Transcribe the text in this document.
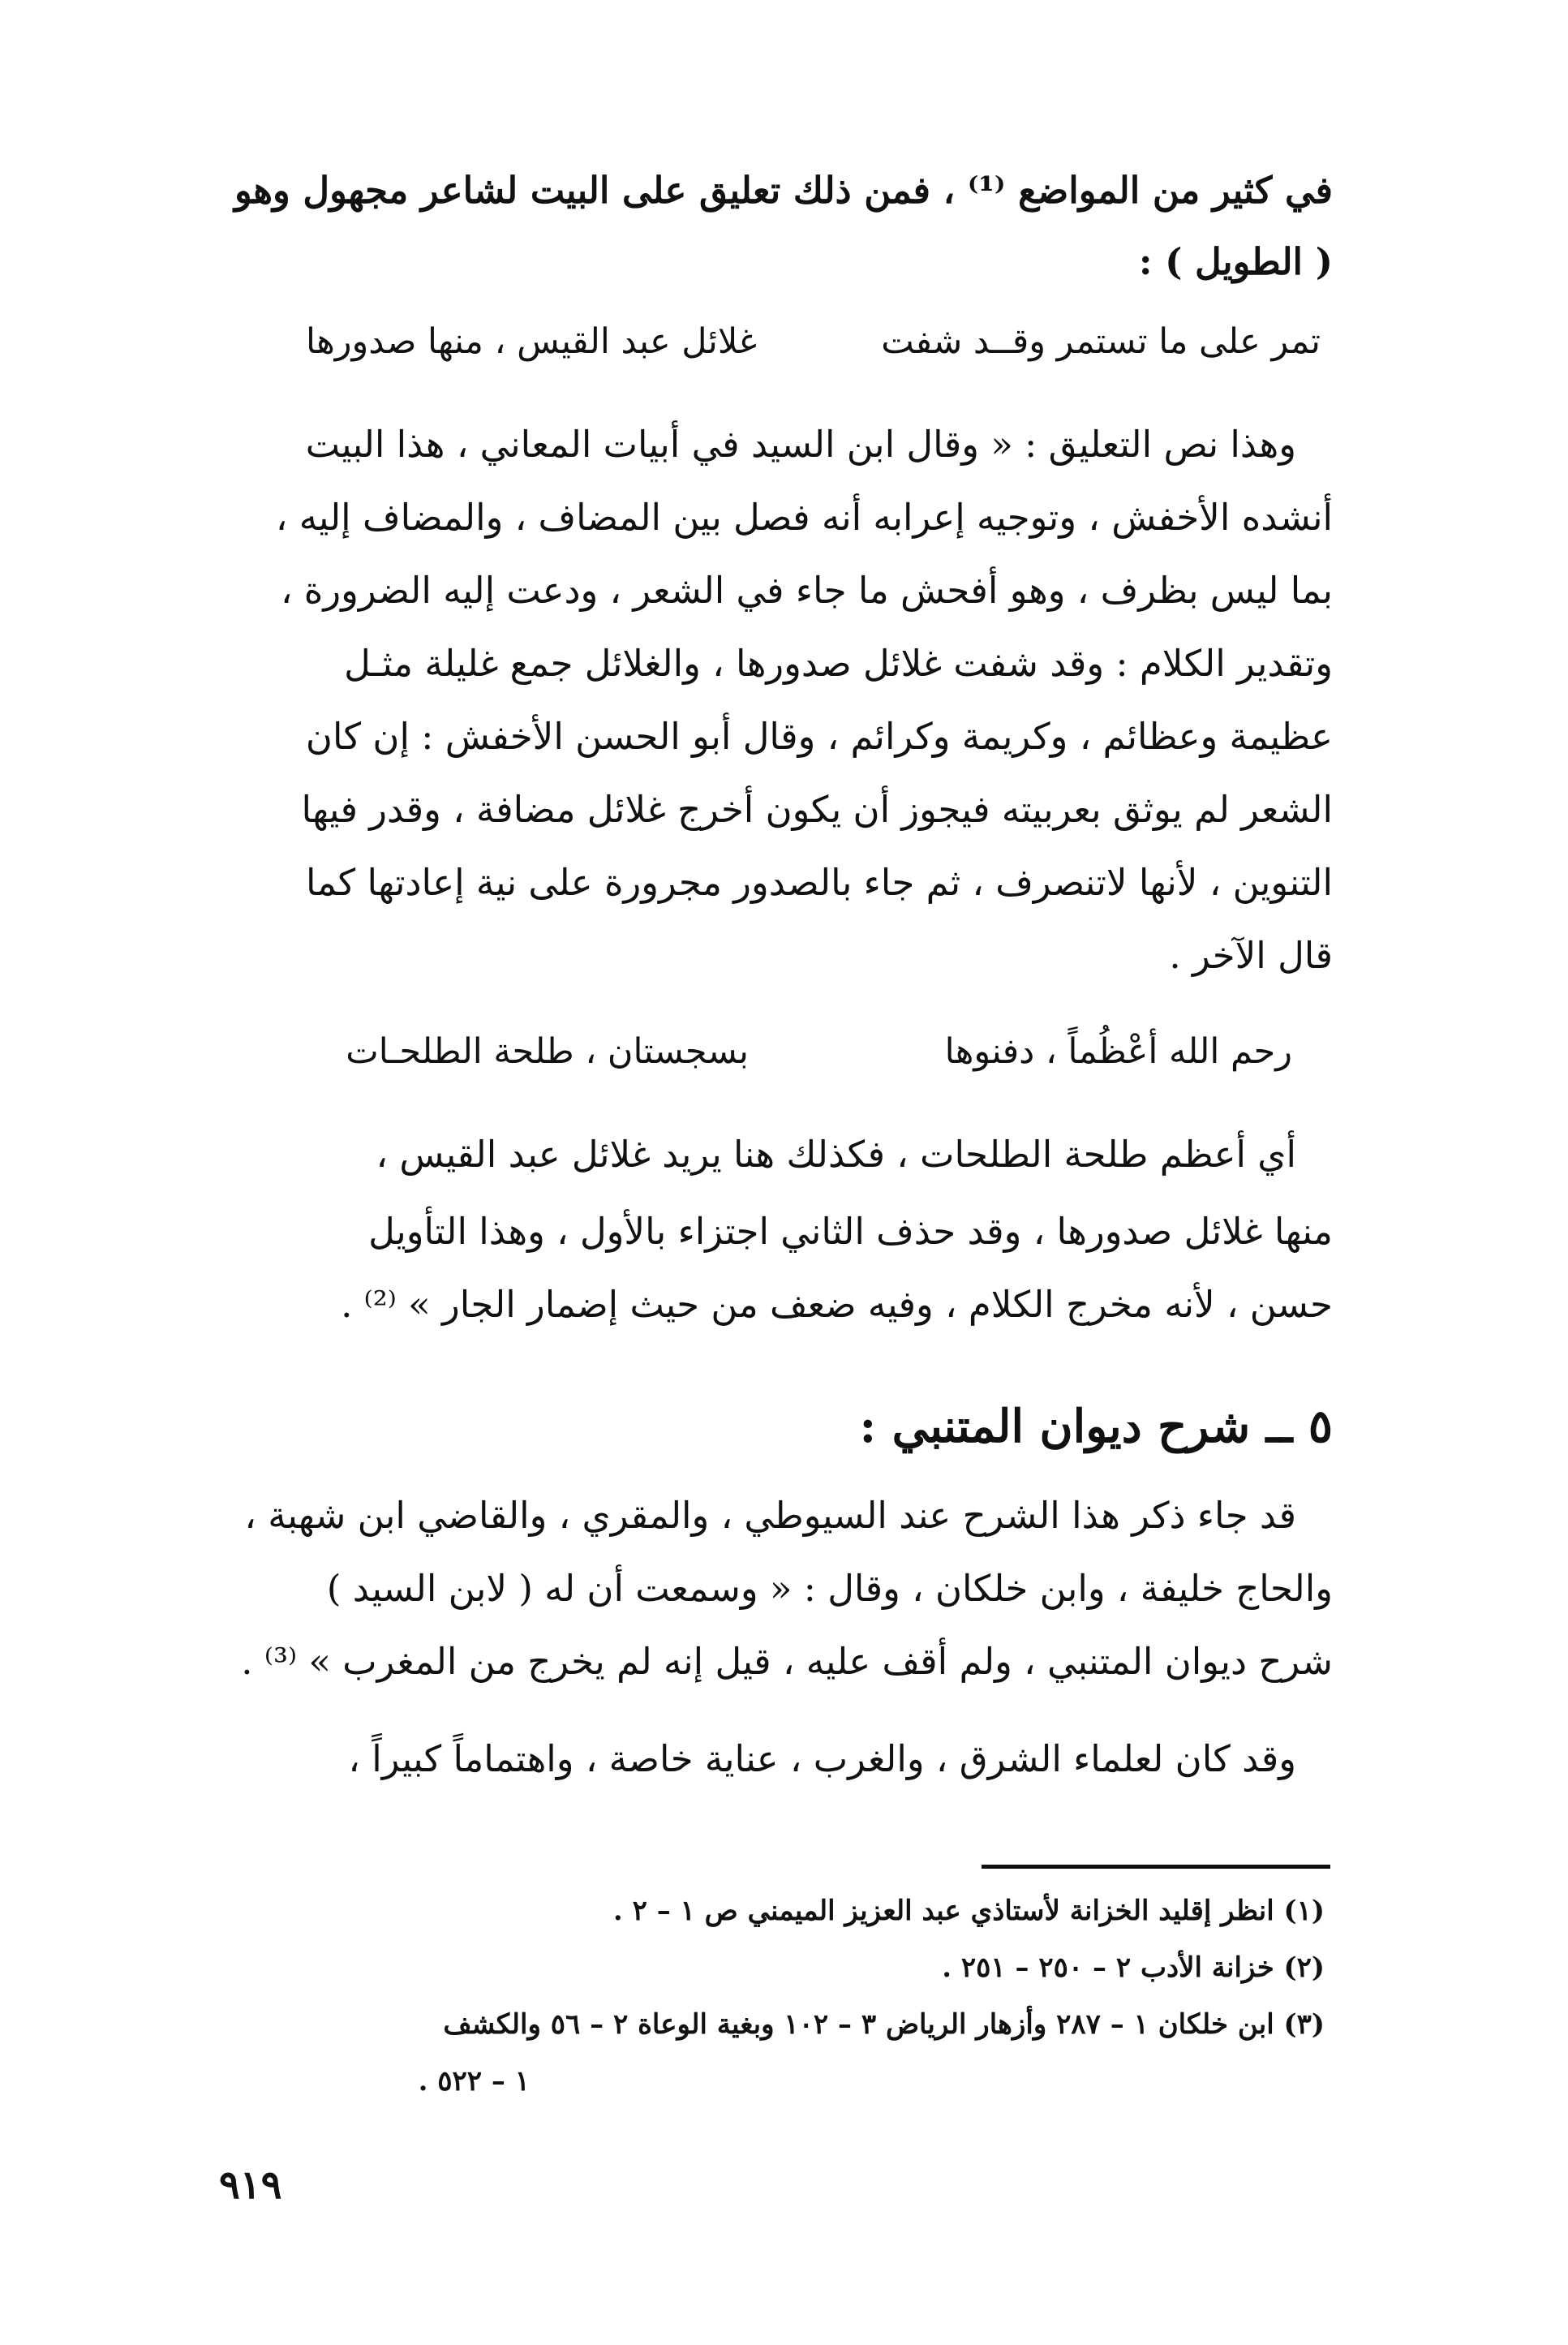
في كثير من المواضع ⁽¹⁾ ، فمن ذلك تعليق على البيت لشاعر مجهول وهو
( الطويل ) :
تمر على ما تستمر وقــد شفت
غلائل عبد القيس ، منها صدورها
وهذا نص التعليق : « وقال ابن السيد في أبيات المعاني ، هذا البيت
أنشده الأخفش ، وتوجيه إعرابه أنه فصل بين المضاف ، والمضاف إليه ،
بما ليس بظرف ، وهو أفحش ما جاء في الشعر ، ودعت إليه الضرورة ،
وتقدير الكلام : وقد شفت غلائل صدورها ، والغلائل جمع غليلة مثـل
عظيمة وعظائم ، وكريمة وكرائم ، وقال أبو الحسن الأخفش : إن كان
الشعر لم يوثق بعربيته فيجوز أن يكون أخرج غلائل مضافة ، وقدر فيها
التنوين ، لأنها لاتنصرف ، ثم جاء بالصدور مجرورة على نية إعادتها كما
قال الآخر .
رحم الله أعْظُماً ، دفنوها
بسجستان ، طلحة الطلحـات
أي أعظم طلحة الطلحات ، فكذلك هنا يريد غلائل عبد القيس ،
منها غلائل صدورها ، وقد حذف الثاني اجتزاء بالأول ، وهذا التأويل
حسن ، لأنه مخرج الكلام ، وفيه ضعف من حيث إضمار الجار » ⁽²⁾ .
٥ ــ شرح ديوان المتنبي :
قد جاء ذكر هذا الشرح عند السيوطي ، والمقري ، والقاضي ابن شهبة ،
والحاج خليفة ، وابن خلكان ، وقال : « وسمعت أن له ( لابن السيد )
شرح ديوان المتنبي ، ولم أقف عليه ، قيل إنه لم يخرج من المغرب » ⁽³⁾ .
وقد كان لعلماء الشرق ، والغرب ، عناية خاصة ، واهتماماً كبيراً ،
(١) انظر إقليد الخزانة لأستاذي عبد العزيز الميمني ص ١ – ٢ .
(٢) خزانة الأدب ٢ – ٢٥٠ – ٢٥١ .
(٣) ابن خلكان ١ – ٢٨٧ وأزهار الرياض ٣ – ١٠٢ وبغية الوعاة ٢ – ٥٦ والكشف
١ – ٥٢٢ .
٩١٩
